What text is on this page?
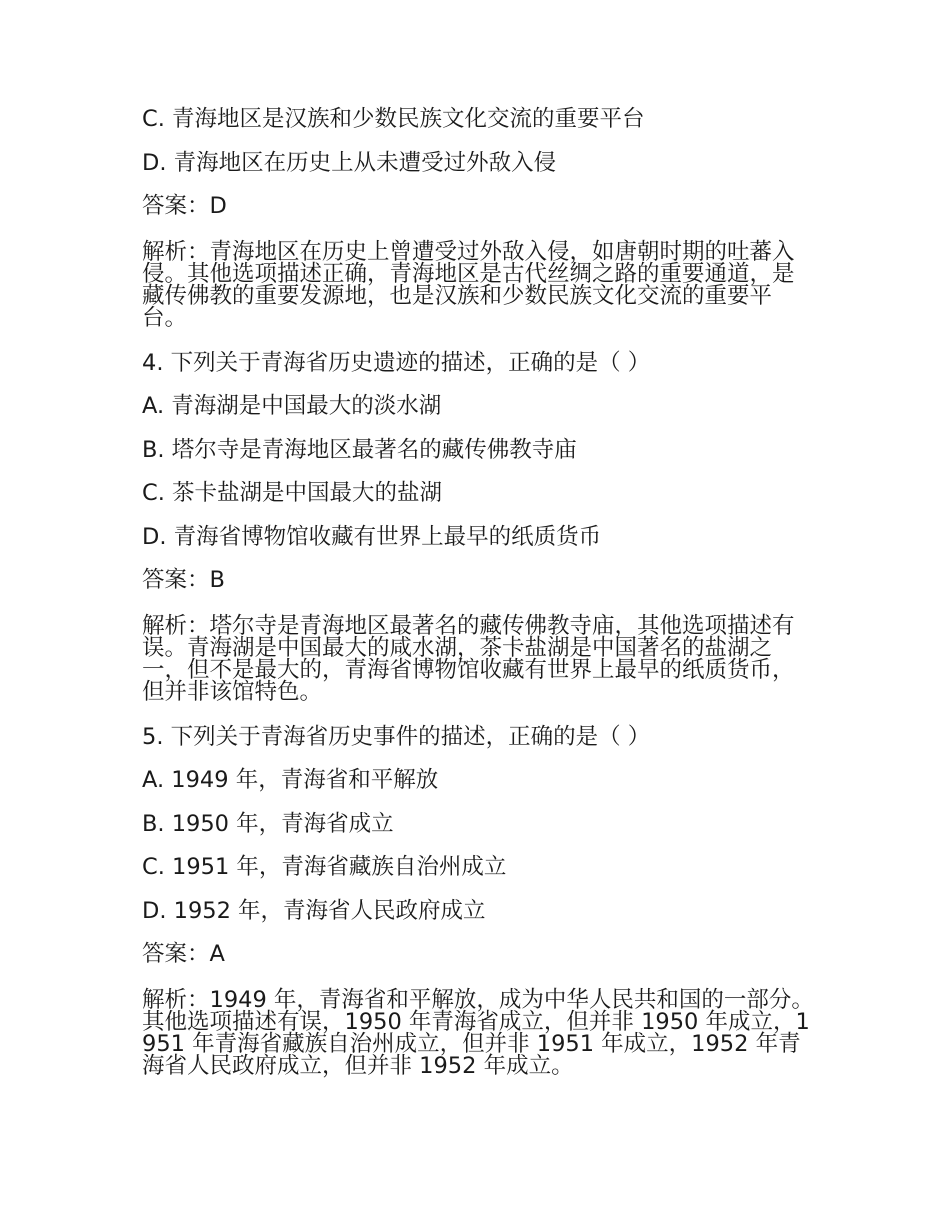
C. 青海地区是汉族和少数民族文化交流的重要平台
D. 青海地区在历史上从未遭受过外敌入侵
答案：D
解析：青海地区在历史上曾遭受过外敌入侵，如唐朝时期的吐蕃入侵。其他选项描述正确，青海地区是古代丝绸之路的重要通道，是藏传佛教的重要发源地，也是汉族和少数民族文化交流的重要平台。
4. 下列关于青海省历史遗迹的描述，正确的是（ ）
A. 青海湖是中国最大的淡水湖
B. 塔尔寺是青海地区最著名的藏传佛教寺庙
C. 茶卡盐湖是中国最大的盐湖
D. 青海省博物馆收藏有世界上最早的纸质货币
答案：B
解析：塔尔寺是青海地区最著名的藏传佛教寺庙，其他选项描述有误。青海湖是中国最大的咸水湖，茶卡盐湖是中国著名的盐湖之一，但不是最大的，青海省博物馆收藏有世界上最早的纸质货币，但并非该馆特色。
5. 下列关于青海省历史事件的描述，正确的是（ ）
A. 1949 年，青海省和平解放
B. 1950 年，青海省成立
C. 1951 年，青海省藏族自治州成立
D. 1952 年，青海省人民政府成立
答案：A
解析：1949 年，青海省和平解放，成为中华人民共和国的一部分。其他选项描述有误，1950 年青海省成立，但并非 1950 年成立，1951 年青海省藏族自治州成立，但并非 1951 年成立，1952 年青海省人民政府成立，但并非 1952 年成立。
